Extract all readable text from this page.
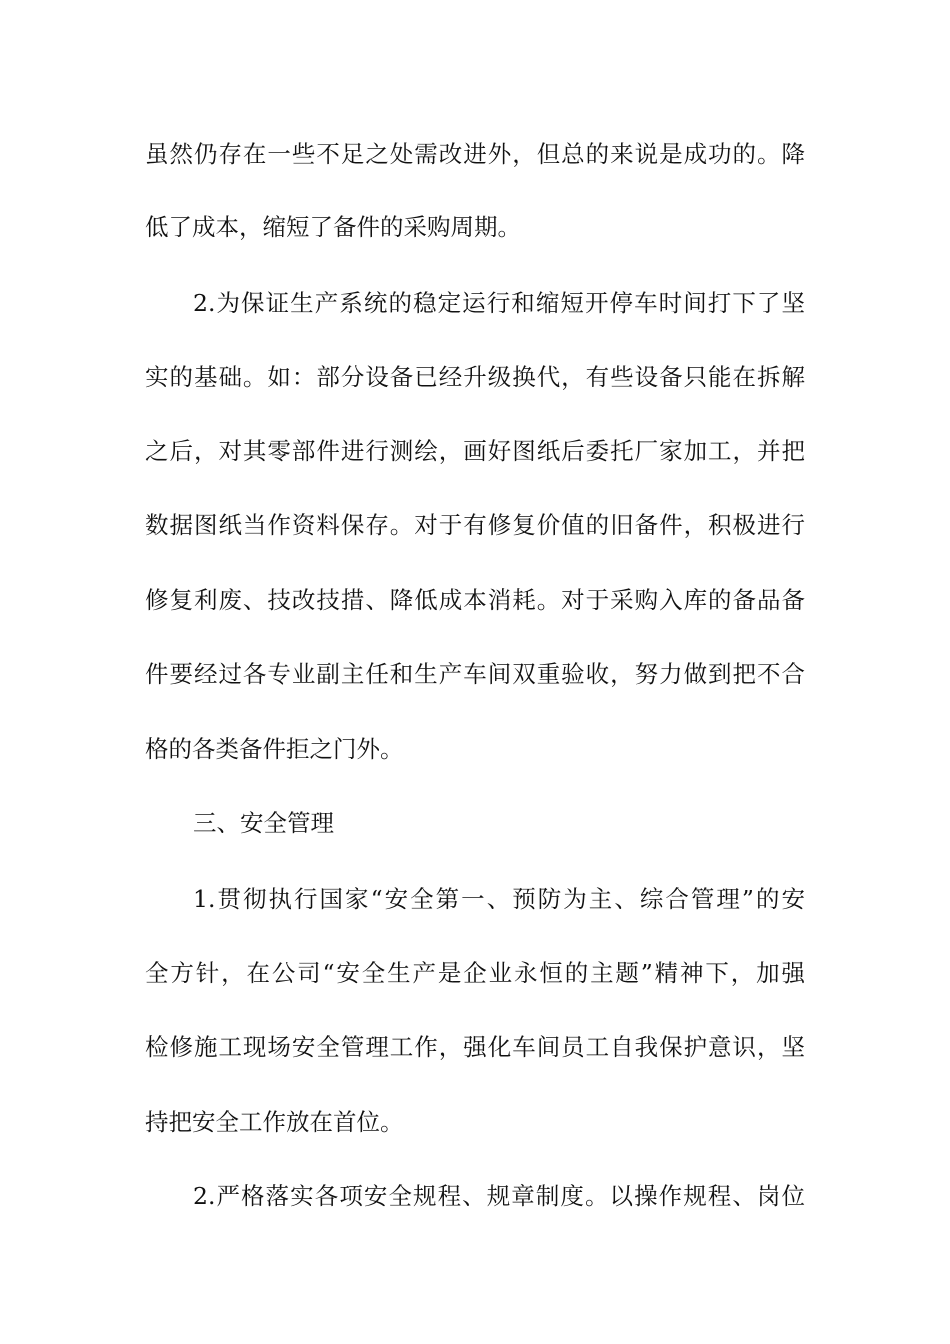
虽然仍存在一些不足之处需改进外，但总的来说是成功的。降
低了成本，缩短了备件的采购周期。
2.为保证生产系统的稳定运行和缩短开停车时间打下了坚
实的基础。如：部分设备已经升级换代，有些设备只能在拆解
之后，对其零部件进行测绘，画好图纸后委托厂家加工，并把
数据图纸当作资料保存。对于有修复价值的旧备件，积极进行
修复利废、技改技措、降低成本消耗。对于采购入库的备品备
件要经过各专业副主任和生产车间双重验收，努力做到把不合
格的各类备件拒之门外。
三、安全管理
1.贯彻执行国家“安全第一、预防为主、综合管理”的安
全方针，在公司“安全生产是企业永恒的主题”精神下，加强
检修施工现场安全管理工作，强化车间员工自我保护意识，坚
持把安全工作放在首位。
2.严格落实各项安全规程、规章制度。以操作规程、岗位
